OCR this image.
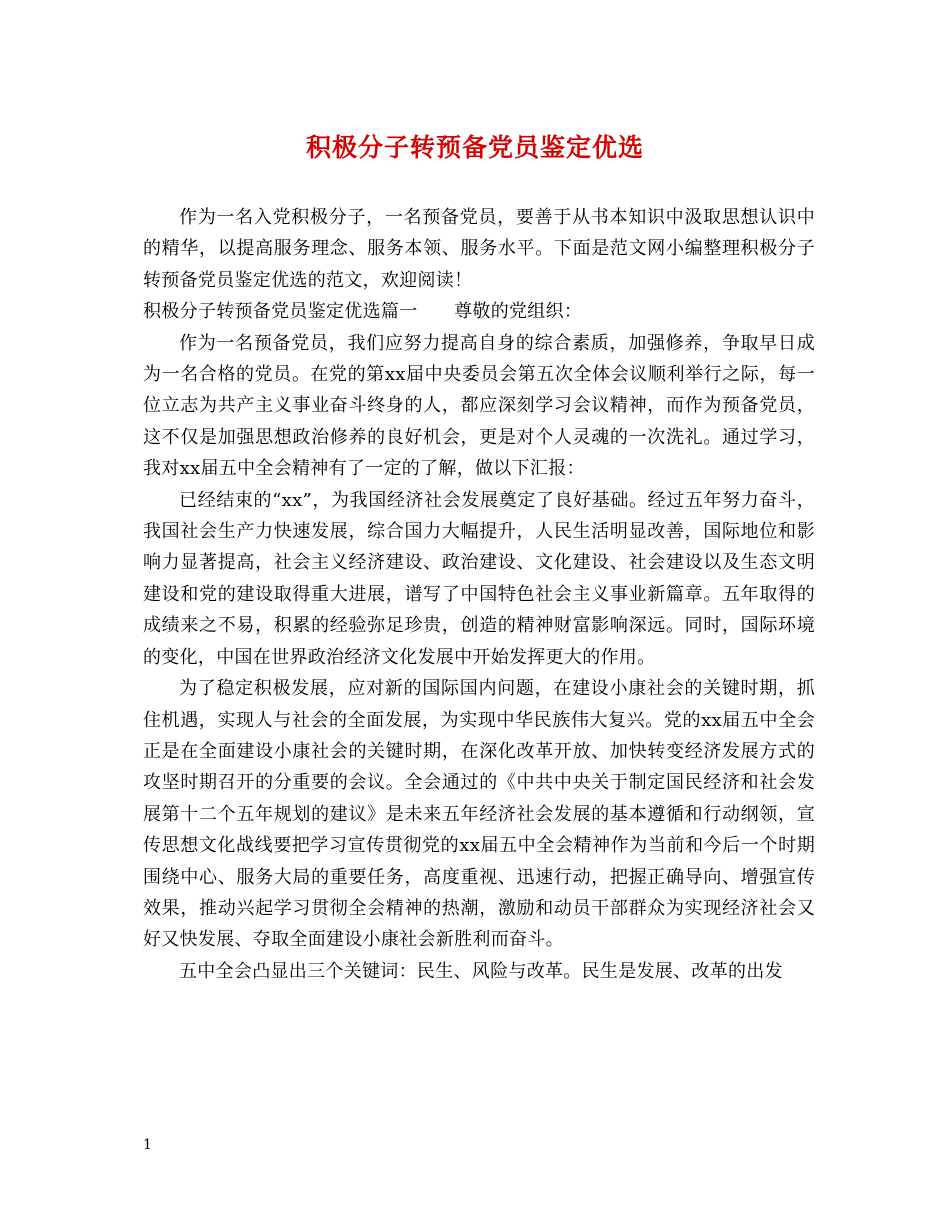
积极分子转预备党员鉴定优选

作为一名入党积极分子，一名预备党员，要善于从书本知识中汲取思想认识中的精华，以提高服务理念、服务本领、服务水平。下面是范文网小编整理积极分子转预备党员鉴定优选的范文，欢迎阅读！

积极分子转预备党员鉴定优选篇一　　尊敬的党组织：

作为一名预备党员，我们应努力提高自身的综合素质，加强修养，争取早日成为一名合格的党员。在党的第xx届中央委员会第五次全体会议顺利举行之际，每一位立志为共产主义事业奋斗终身的人，都应深刻学习会议精神，而作为预备党员，这不仅是加强思想政治修养的良好机会，更是对个人灵魂的一次洗礼。通过学习，我对xx届五中全会精神有了一定的了解，做以下汇报：

已经结束的“xx”，为我国经济社会发展奠定了良好基础。经过五年努力奋斗，我国社会生产力快速发展，综合国力大幅提升，人民生活明显改善，国际地位和影响力显著提高，社会主义经济建设、政治建设、文化建设、社会建设以及生态文明建设和党的建设取得重大进展，谱写了中国特色社会主义事业新篇章。五年取得的成绩来之不易，积累的经验弥足珍贵，创造的精神财富影响深远。同时，国际环境的变化，中国在世界政治经济文化发展中开始发挥更大的作用。

为了稳定积极发展，应对新的国际国内问题，在建设小康社会的关键时期，抓住机遇，实现人与社会的全面发展，为实现中华民族伟大复兴。党的xx届五中全会正是在全面建设小康社会的关键时期，在深化改革开放、加快转变经济发展方式的攻坚时期召开的分重要的会议。全会通过的《中共中央关于制定国民经济和社会发展第十二个五年规划的建议》是未来五年经济社会发展的基本遵循和行动纲领，宣传思想文化战线要把学习宣传贯彻党的xx届五中全会精神作为当前和今后一个时期围绕中心、服务大局的重要任务，高度重视、迅速行动，把握正确导向、增强宣传效果，推动兴起学习贯彻全会精神的热潮，激励和动员干部群众为实现经济社会又好又快发展、夺取全面建设小康社会新胜利而奋斗。

五中全会凸显出三个关键词：民生、风险与改革。民生是发展、改革的出发

1
